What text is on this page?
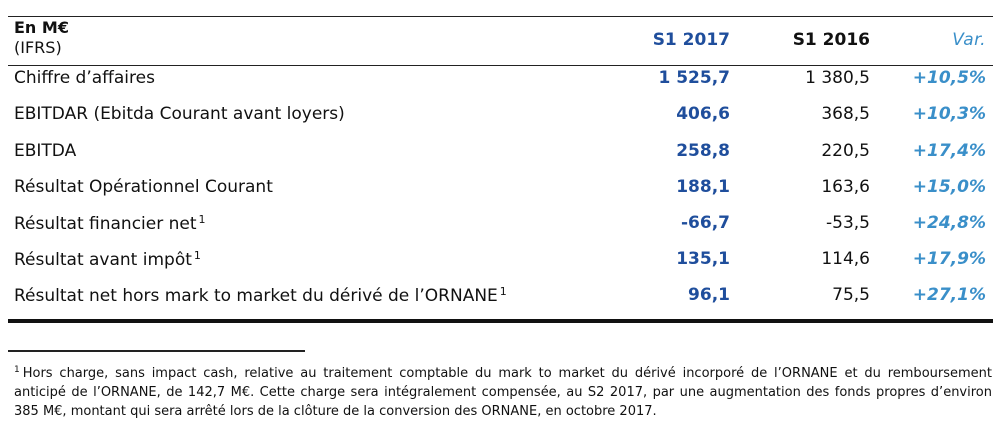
En M€
(IFRS)	S1 2017	S1 2016	Var.
Chiffre d’affaires	1 525,7	1 380,5	+10,5%
EBITDAR (Ebitda Courant avant loyers)	406,6	368,5	+10,3%
EBITDA	258,8	220,5	+17,4%
Résultat Opérationnel Courant	188,1	163,6	+15,0%
Résultat financier net $^1$	-66,7	-53,5	+24,8%
Résultat avant impôt $^1$	135,1	114,6	+17,9%
Résultat net hors mark to market du dérivé de l’ORNANE $^1$	96,1	75,5	+27,1%
$^1$ Hors charge, sans impact cash, relative au traitement comptable du mark to market du dérivé incorporé de l’ORNANE et du remboursement anticipé de l’ORNANE, de 142,7 M€. Cette charge sera intégralement compensée, au S2 2017, par une augmentation des fonds propres d’environ 385 M€, montant qui sera arrêté lors de la clôture de la conversion des ORNANE, en octobre 2017.
